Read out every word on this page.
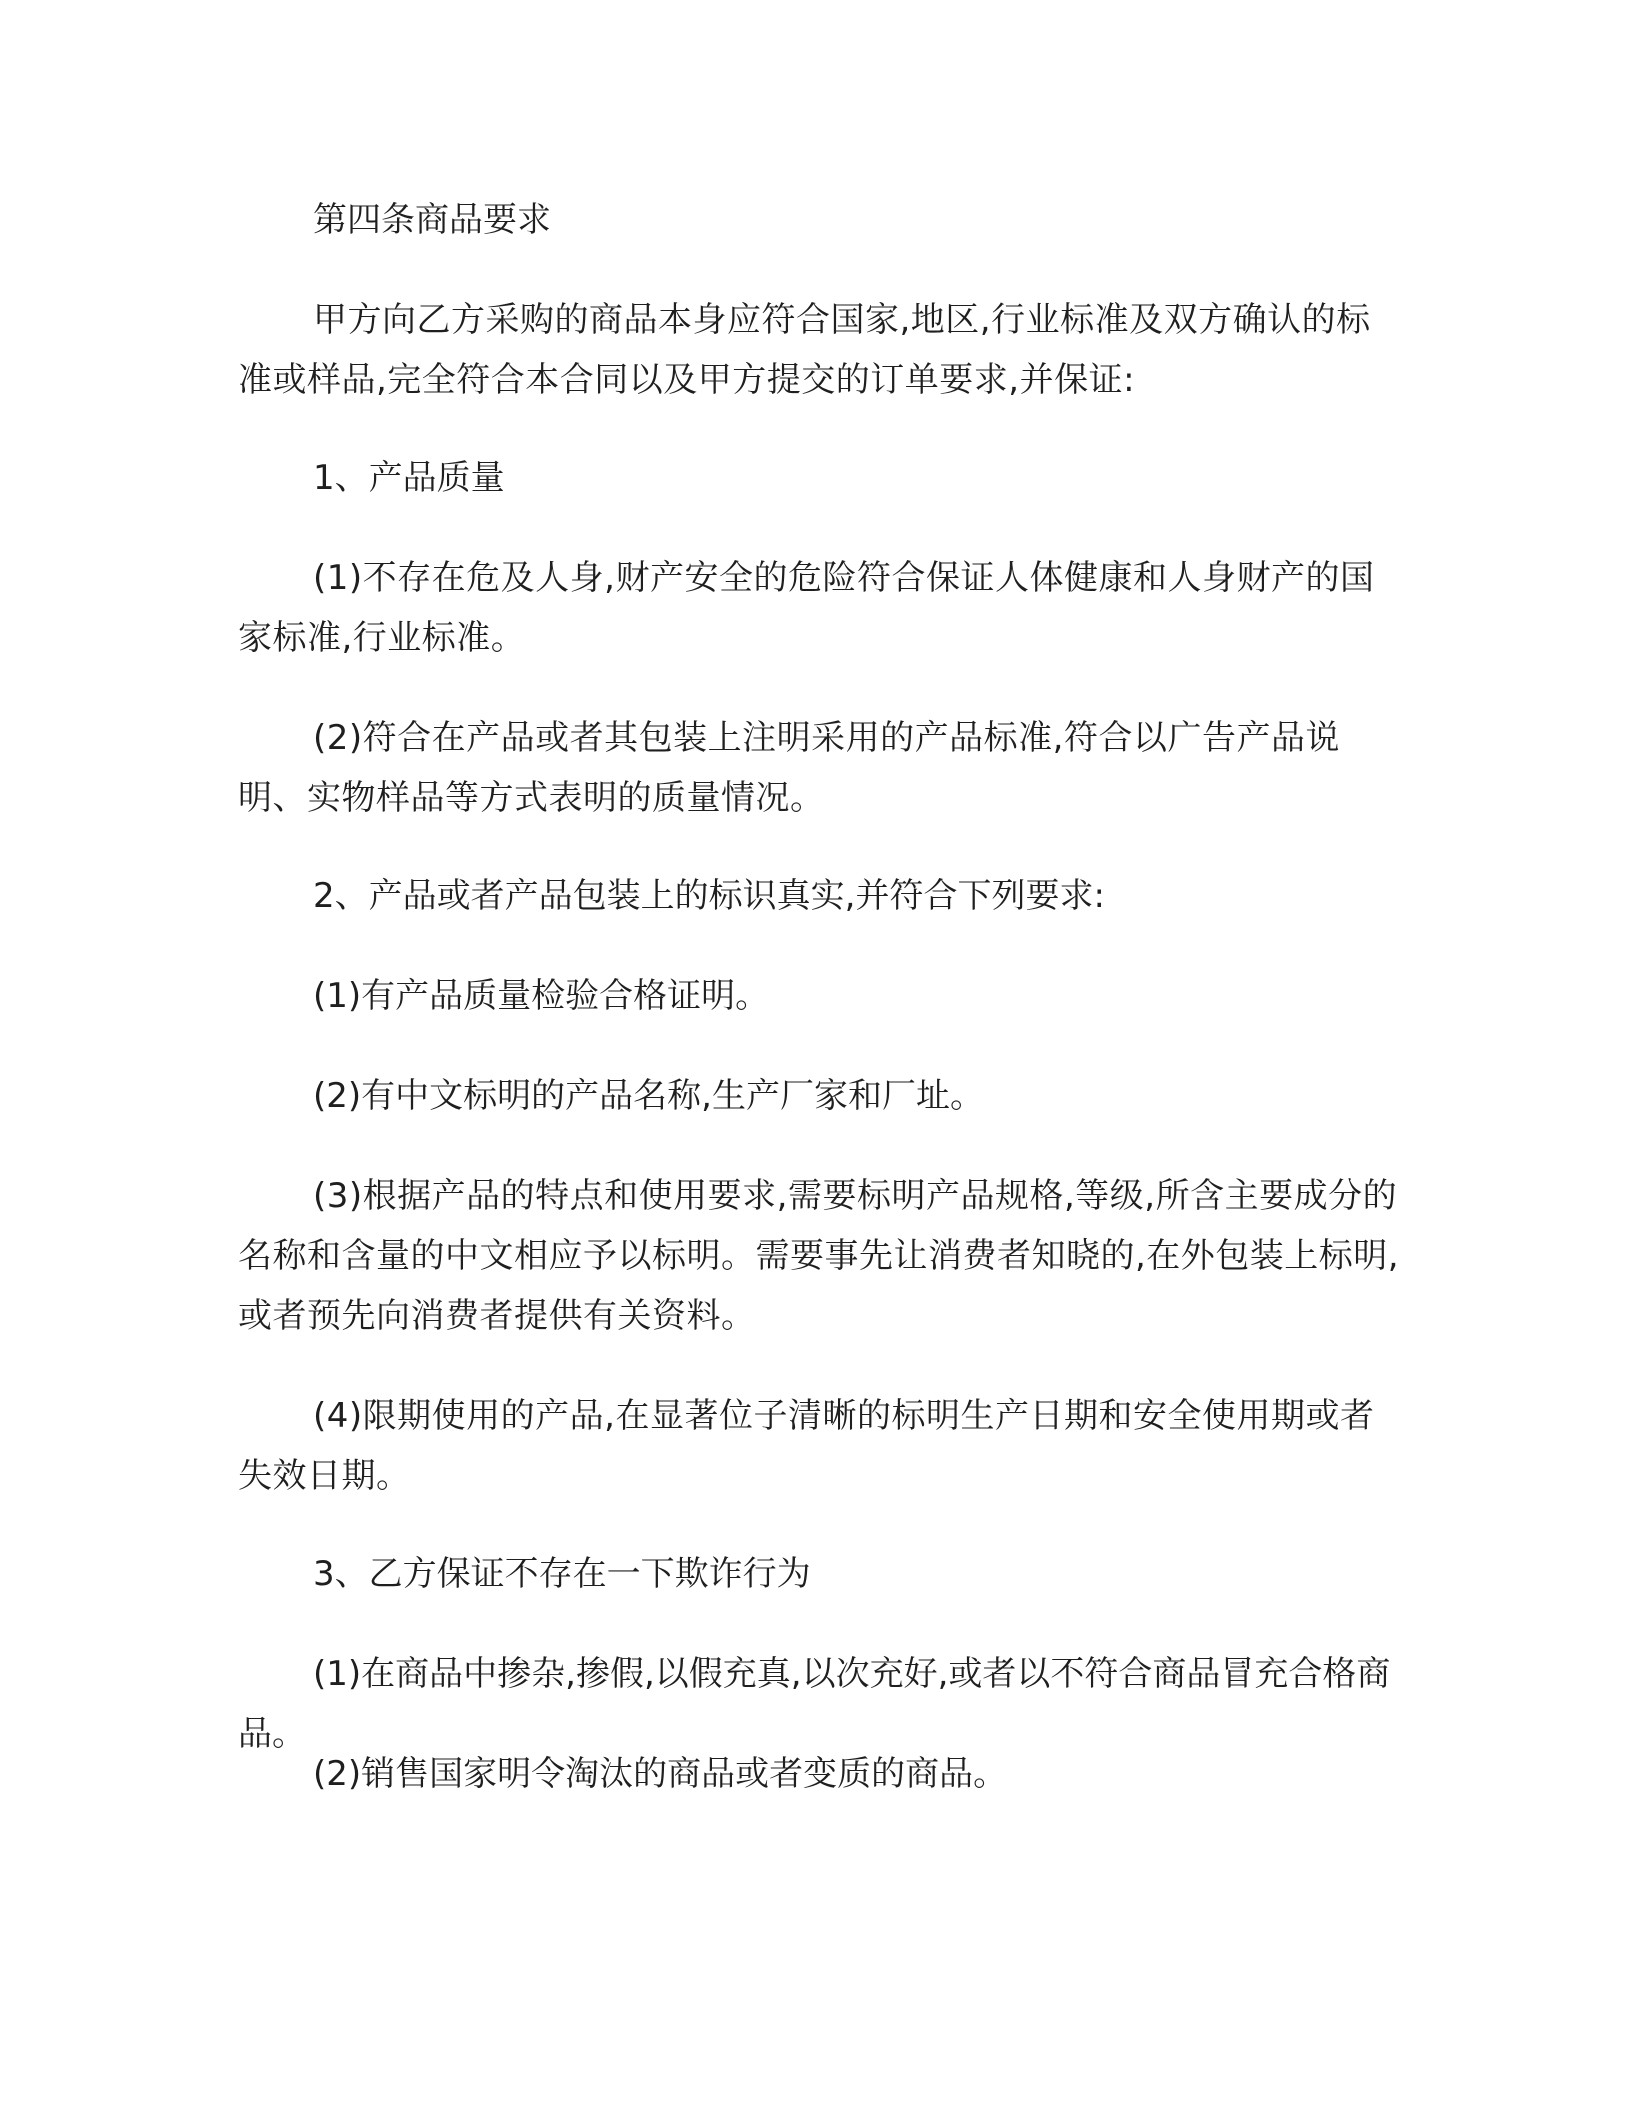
第四条商品要求

甲方向乙方采购的商品本身应符合国家,地区,行业标准及双方确认的标准或样品,完全符合本合同以及甲方提交的订单要求,并保证:

1、产品质量

(1)不存在危及人身,财产安全的危险符合保证人体健康和人身财产的国家标准,行业标准。

(2)符合在产品或者其包装上注明采用的产品标准,符合以广告产品说明、实物样品等方式表明的质量情况。

2、产品或者产品包装上的标识真实,并符合下列要求:

(1)有产品质量检验合格证明。

(2)有中文标明的产品名称,生产厂家和厂址。

(3)根据产品的特点和使用要求,需要标明产品规格,等级,所含主要成分的名称和含量的中文相应予以标明。需要事先让消费者知晓的,在外包装上标明,或者预先向消费者提供有关资料。

(4)限期使用的产品,在显著位子清晰的标明生产日期和安全使用期或者失效日期。

3、乙方保证不存在一下欺诈行为

(1)在商品中掺杂,掺假,以假充真,以次充好,或者以不符合商品冒充合格商品。

(2)销售国家明令淘汰的商品或者变质的商品。
